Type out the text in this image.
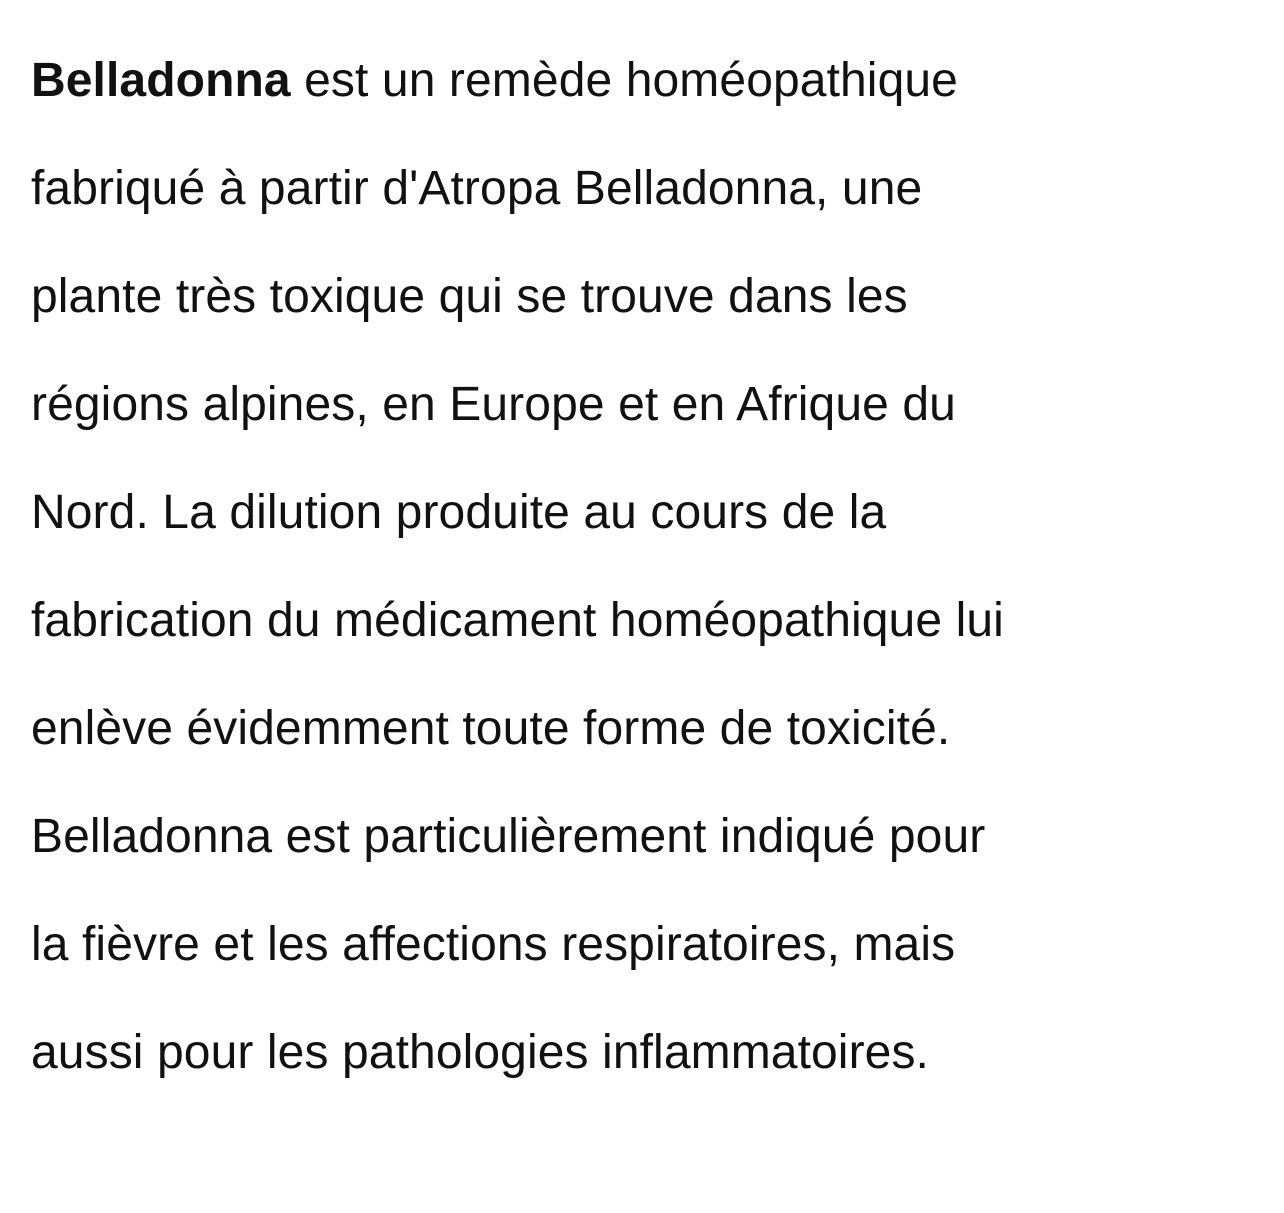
Belladonna est un remède homéopathique
fabriqué à partir d'Atropa Belladonna, une
plante très toxique qui se trouve dans les
régions alpines, en Europe et en Afrique du
Nord. La dilution produite au cours de la
fabrication du médicament homéopathique lui
enlève évidemment toute forme de toxicité.
Belladonna est particulièrement indiqué pour
la fièvre et les affections respiratoires, mais
aussi pour les pathologies inflammatoires.
